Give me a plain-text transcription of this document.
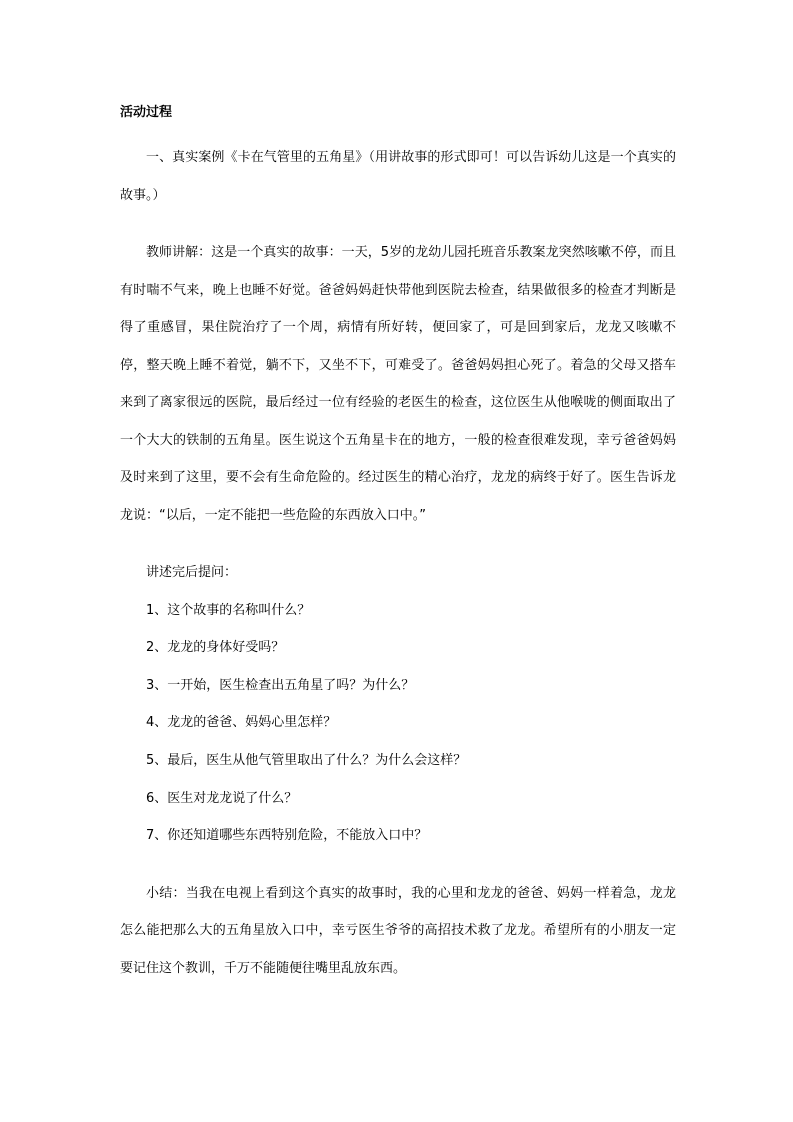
活动过程

一、真实案例《卡在气管里的五角星》（用讲故事的形式即可！可以告诉幼儿这是一个真实的故事。）

教师讲解：这是一个真实的故事：一天，5岁的龙幼儿园托班音乐教案龙突然咳嗽不停，而且有时喘不气来，晚上也睡不好觉。爸爸妈妈赶快带他到医院去检查，结果做很多的检查才判断是得了重感冒，果住院治疗了一个周，病情有所好转，便回家了，可是回到家后，龙龙又咳嗽不停，整天晚上睡不着觉，躺不下，又坐不下，可难受了。爸爸妈妈担心死了。着急的父母又搭车来到了离家很远的医院，最后经过一位有经验的老医生的检查，这位医生从他喉咙的侧面取出了一个大大的铁制的五角星。医生说这个五角星卡在的地方，一般的检查很难发现，幸亏爸爸妈妈及时来到了这里，要不会有生命危险的。经过医生的精心治疗，龙龙的病终于好了。医生告诉龙龙说：“以后，一定不能把一些危险的东西放入口中。”

讲述完后提问：

1、这个故事的名称叫什么？

2、龙龙的身体好受吗？

3、一开始，医生检查出五角星了吗？为什么？

4、龙龙的爸爸、妈妈心里怎样？

5、最后，医生从他气管里取出了什么？为什么会这样？

6、医生对龙龙说了什么？

7、你还知道哪些东西特别危险，不能放入口中？

小结：当我在电视上看到这个真实的故事时，我的心里和龙龙的爸爸、妈妈一样着急，龙龙怎么能把那么大的五角星放入口中，幸亏医生爷爷的高招技术救了龙龙。希望所有的小朋友一定要记住这个教训，千万不能随便往嘴里乱放东西。
